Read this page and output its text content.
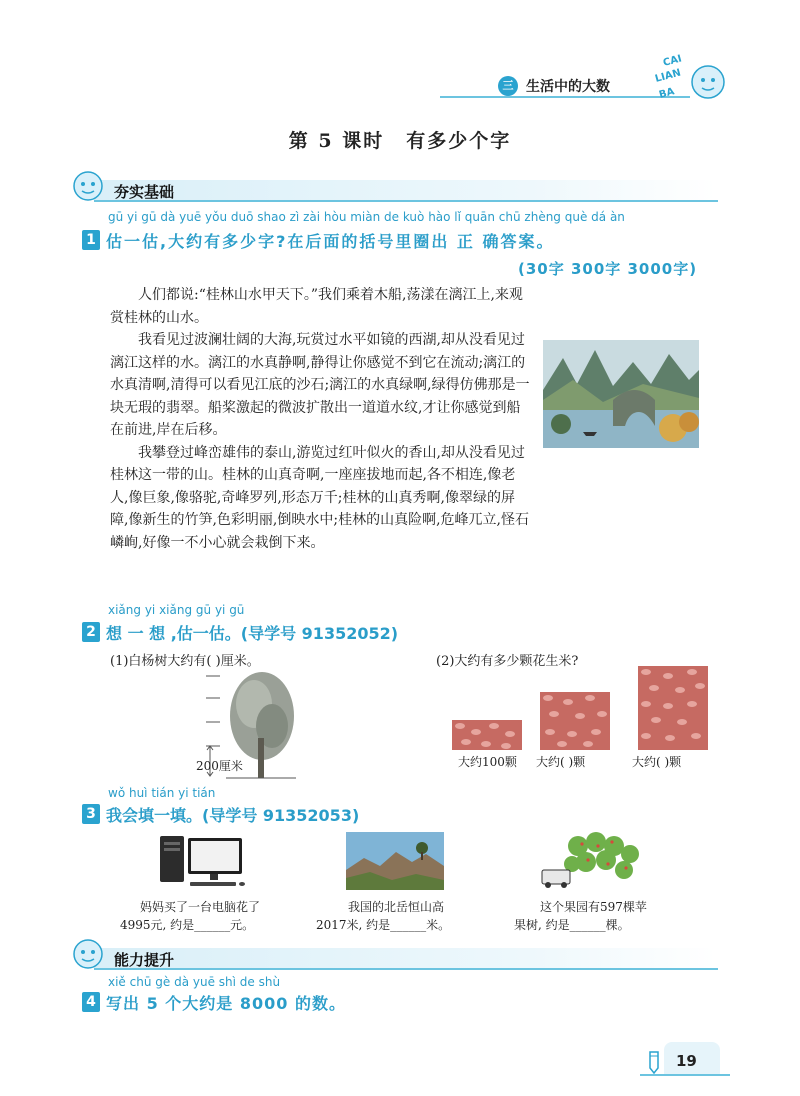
三 生活中的大数
CAI
LIAN
BA
第 5 课时 有多少个字
夯实基础
gū yi gū dà yuē yǒu duō shao zì zài hòu miàn de kuò hào lǐ quān chū zhèng què dá àn
1 估一估,大约有多少字?在后面的括号里圈出 正 确答案。
(30字 300字 3000字)

人们都说:“桂林山水甲天下。”我们乘着木船,荡漾在漓江上,来观赏桂林的山水。

我看见过波澜壮阔的大海,玩赏过水平如镜的西湖,却从没看见过漓江这样的水。漓江的水真静啊,静得让你感觉不到它在流动;漓江的水真清啊,清得可以看见江底的沙石;漓江的水真绿啊,绿得仿佛那是一块无瑕的翡翠。船桨激起的微波扩散出一道道水纹,才让你感觉到船在前进,岸在后移。

我攀登过峰峦雄伟的泰山,游览过红叶似火的香山,却从没看见过桂林这一带的山。桂林的山真奇啊,一座座拔地而起,各不相连,像老人,像巨象,像骆驼,奇峰罗列,形态万千;桂林的山真秀啊,像翠绿的屏障,像新生的竹笋,色彩明丽,倒映水中;桂林的山真险啊,危峰兀立,怪石嶙峋,好像一不小心就会栽倒下来。

xiǎng yi xiǎng gū yi gū
2 想 一 想 ,估一估。(导学号 91352052)
(1)白杨树大约有( )厘米。	(2)大约有多少颗花生米?
200厘米	大约100颗 大约( )颗	大约( )颗
wǒ huì tián yi tián
3 我会填一填。(导学号 91352053)
妈妈买了一台电脑花了
4995元, 约是______元。
我国的北岳恒山高
2017米, 约是______米。
这个果园有597棵苹
果树, 约是______棵。
能力提升
xiě chū gè dà yuē shì de shù
4 写出 5 个大约是 8000 的数。
19
